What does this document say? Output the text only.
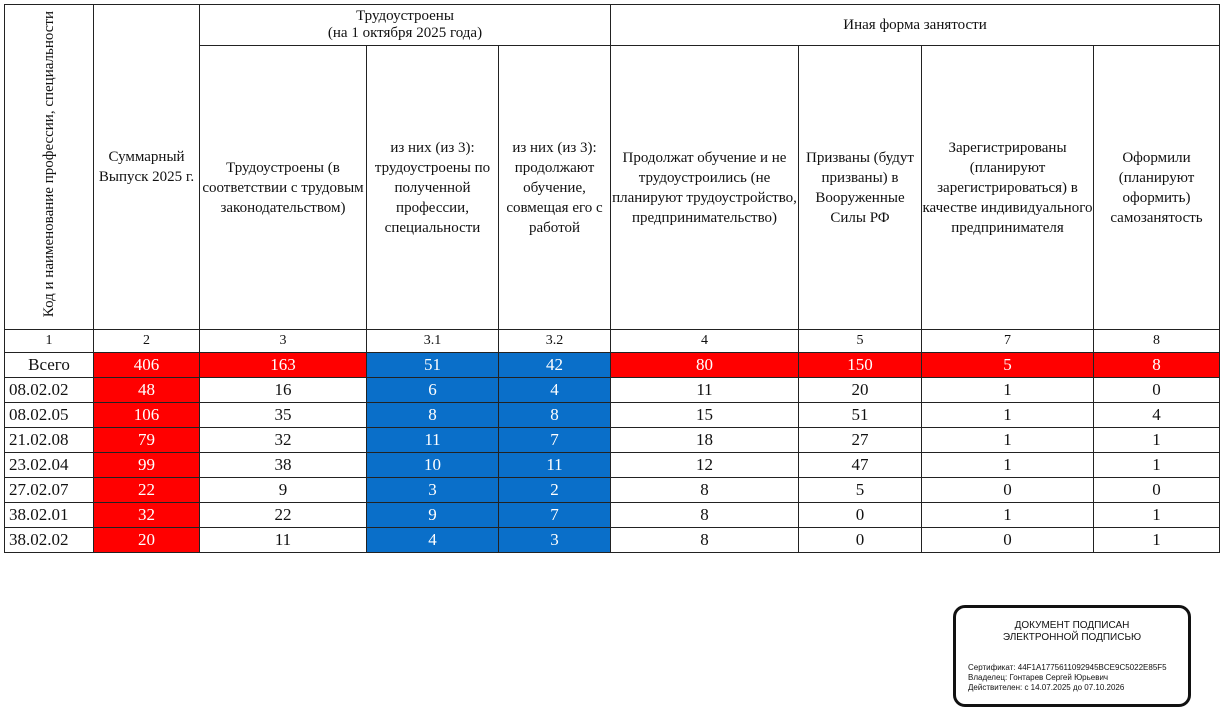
Код и наименование профессии, специальности	Суммарный Выпуск 2025 г.	Трудоустроены
(на 1 октября 2025 года)			Иная форма занятости			
		Трудоустроены (в соответствии с трудовым законодательством)	из них (из 3): трудоустроены по полученной профессии, специальности	из них (из 3): продолжают обучение, совмещая его с работой	Продолжат обучение и не трудоустроились (не планируют трудоустройство, предпринимательство)	Призваны (будут призваны) в Вооруженные Силы РФ	Зарегистрированы (планируют зарегистрироваться) в качестве индивидуального предпринимателя	Оформили (планируют оформить) самозанятость
1	2	3	3.1	3.2	4	5	7	8
Всего	406	163	51	42	80	150	5	8
08.02.02	48	16	6	4	11	20	1	0
08.02.05	106	35	8	8	15	51	1	4
21.02.08	79	32	11	7	18	27	1	1
23.02.04	99	38	10	11	12	47	1	1
27.02.07	22	9	3	2	8	5	0	0
38.02.01	32	22	9	7	8	0	1	1
38.02.02	20	11	4	3	8	0	0	1
ДОКУМЕНТ ПОДПИСАН
ЭЛЕКТРОННОЙ ПОДПИСЬЮ
Сертификат: 44F1A1775611092945BCE9C5022E85F5
Владелец: Гонтарев Сергей Юрьевич
Действителен: с 14.07.2025 до 07.10.2026
